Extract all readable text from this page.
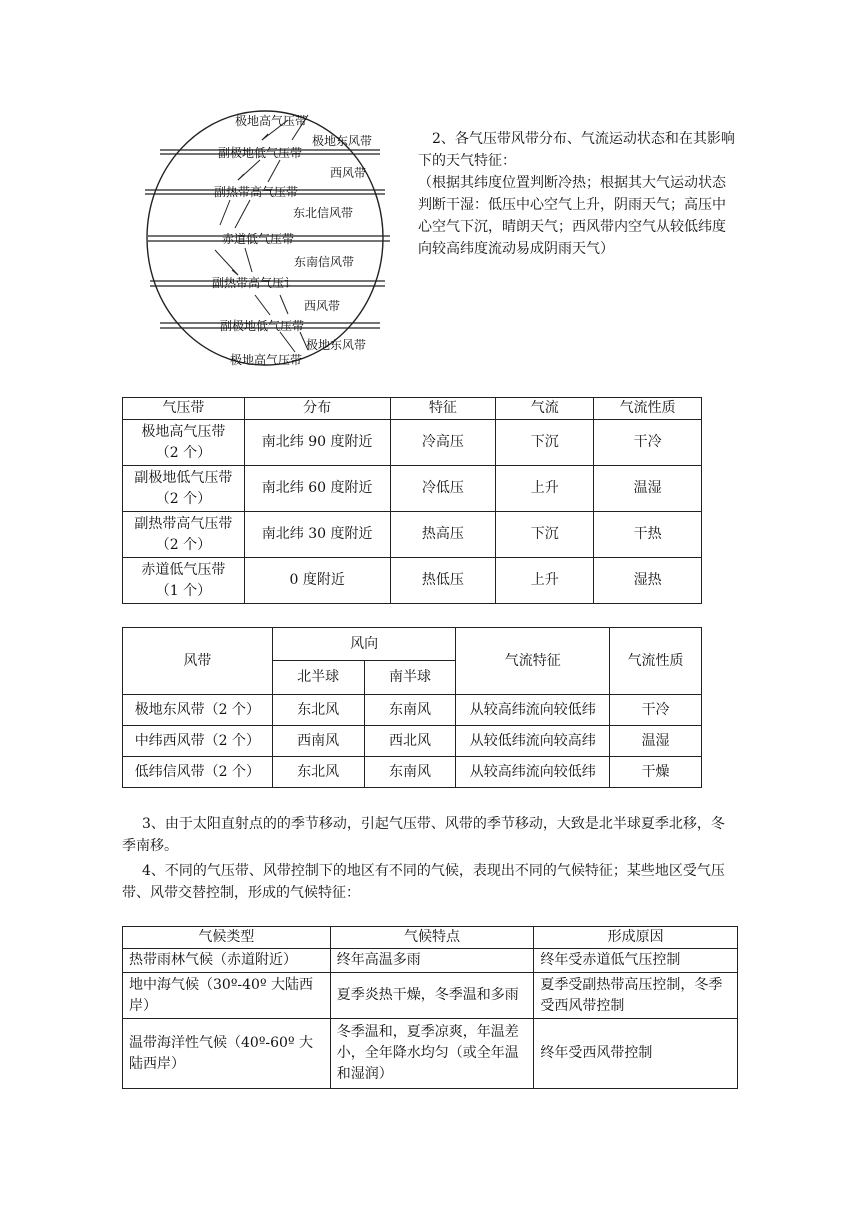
极地高气压带
极地东风带
副极地低气压带
西风带
副热带高气压带
东北信风带
赤道低气压带
东南信风带
副热带高气压讠
西风带
副极地低气压带
极地东风带
极地高气压带
2、各气压带风带分布、气流运动状态和在其影响下的天气特征：
（根据其纬度位置判断冷热；根据其大气运动状态判断干湿：低压中心空气上升，阴雨天气；高压中心空气下沉，晴朗天气；西风带内空气从较低纬度向较高纬度流动易成阴雨天气）
气压带	分布	特征	气流	气流性质

极地高气压带
（2 个）	南北纬 90 度附近	冷高压	下沉	干冷

副极地低气压带
（2 个）	南北纬 60 度附近	冷低压	上升	温湿

副热带高气压带
（2 个）	南北纬 30 度附近	热高压	下沉	干热

赤道低气压带
（1 个）	0 度附近	热低压	上升	湿热
风带	风向		气流特征	气流性质
	北半球	南半球		
极地东风带（2 个）	东北风	东南风	从较高纬流向较低纬	干冷
中纬西风带（2 个）	西南风	西北风	从较低纬流向较高纬	温湿
低纬信风带（2 个）	东北风	东南风	从较高纬流向较低纬	干燥
3、由于太阳直射点的的季节移动，引起气压带、风带的季节移动，大致是北半球夏季北移，冬季南移。
4、不同的气压带、风带控制下的地区有不同的气候，表现出不同的气候特征；某些地区受气压带、风带交替控制，形成的气候特征：
气候类型	气候特点	形成原因
热带雨林气候（赤道附近）	终年高温多雨	终年受赤道低气压控制
地中海气候（30º-40º 大陆西岸）	夏季炎热干燥，冬季温和多雨	夏季受副热带高压控制，冬季受西风带控制
温带海洋性气候（40º-60º 大陆西岸）	冬季温和，夏季凉爽，年温差小，全年降水均匀（或全年温和湿润）	终年受西风带控制
